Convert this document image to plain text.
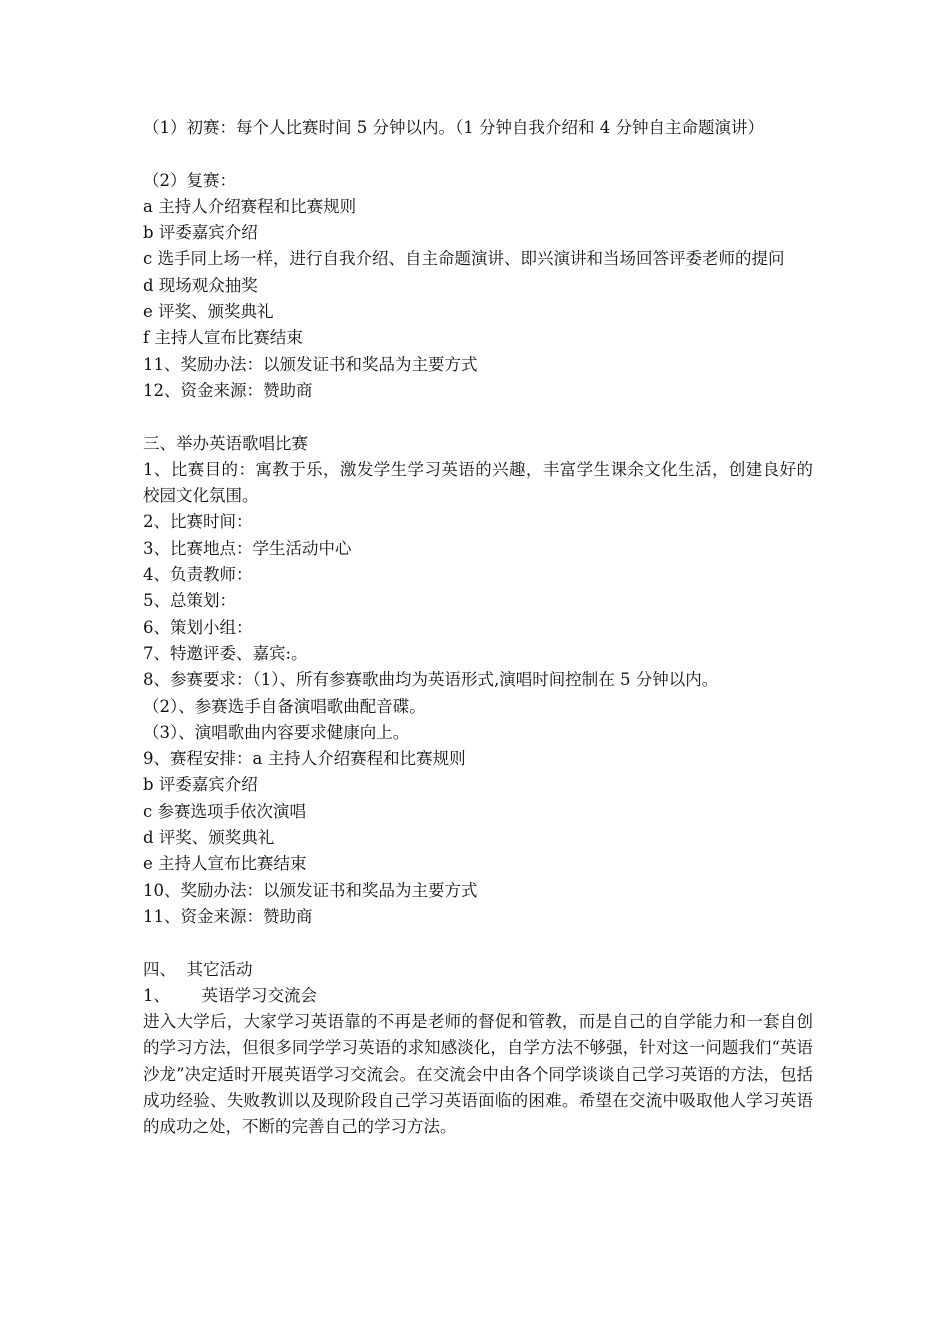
（1）初赛：每个人比赛时间 5 分钟以内。（1 分钟自我介绍和 4 分钟自主命题演讲）

（2）复赛：

a 主持人介绍赛程和比赛规则

b 评委嘉宾介绍

c 选手同上场一样，进行自我介绍、自主命题演讲、即兴演讲和当场回答评委老师的提问

d 现场观众抽奖

e 评奖、颁奖典礼

f 主持人宣布比赛结束

11、奖励办法：以颁发证书和奖品为主要方式

12、资金来源：赞助商

三、举办英语歌唱比赛

1、比赛目的：寓教于乐，激发学生学习英语的兴趣，丰富学生课余文化生活，创建良好的校园文化氛围。

2、比赛时间：

3、比赛地点：学生活动中心

4、负责教师：

5、总策划：

6、策划小组：

7、特邀评委、嘉宾:。

8、参赛要求：（1）、所有参赛歌曲均为英语形式,演唱时间控制在 5 分钟以内。

（2）、参赛选手自备演唱歌曲配音碟。

（3）、演唱歌曲内容要求健康向上。

9、赛程安排：a 主持人介绍赛程和比赛规则

b 评委嘉宾介绍

c 参赛选项手依次演唱

d 评奖、颁奖典礼

e 主持人宣布比赛结束

10、奖励办法：以颁发证书和奖品为主要方式

11、资金来源：赞助商

四、  其它活动

1、      英语学习交流会

进入大学后，大家学习英语靠的不再是老师的督促和管教，而是自己的自学能力和一套自创的学习方法，但很多同学学习英语的求知感淡化，自学方法不够强，针对这一问题我们“英语沙龙”决定适时开展英语学习交流会。在交流会中由各个同学谈谈自己学习英语的方法，包括成功经验、失败教训以及现阶段自己学习英语面临的困难。希望在交流中吸取他人学习英语的成功之处，不断的完善自己的学习方法。
